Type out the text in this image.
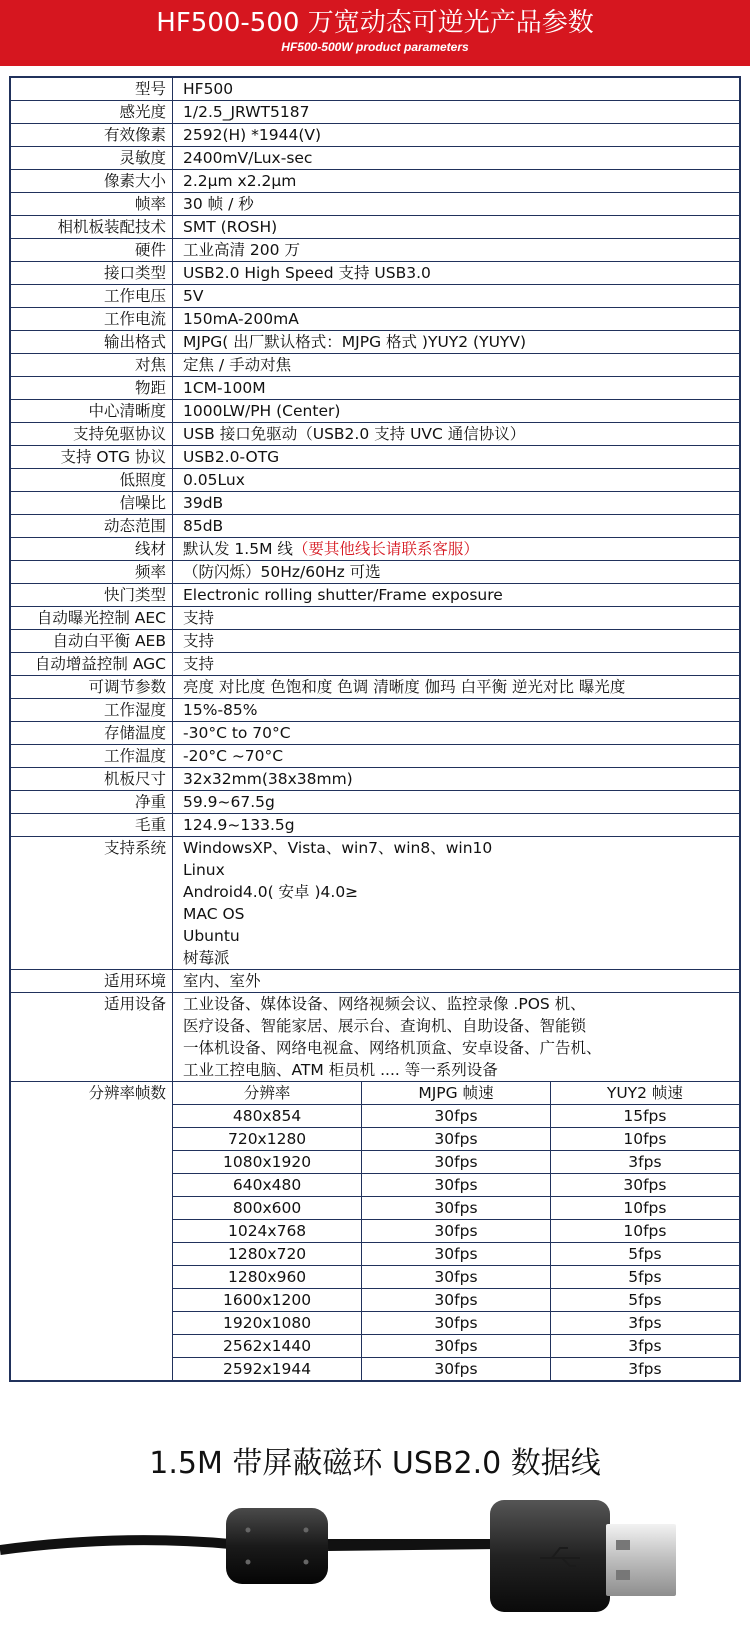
HF500-500 万宽动态可逆光产品参数
HF500-500W product parameters
型号	HF500
感光度	1/2.5_JRWT5187
有效像素	2592(H) *1944(V)
灵敏度	2400mV/Lux-sec
像素大小	2.2μm x2.2μm
帧率	30 帧 / 秒
相机板装配技术	SMT (ROSH)
硬件	工业高清 200 万
接口类型	USB2.0 High Speed 支持 USB3.0
工作电压	5V
工作电流	150mA-200mA
输出格式	MJPG( 出厂默认格式：MJPG 格式 )YUY2 (YUYV)
对焦	定焦 / 手动对焦
物距	1CM-100M
中心清晰度	1000LW/PH (Center)
支持免驱协议	USB 接口免驱动（USB2.0 支持 UVC 通信协议）
支持 OTG 协议	USB2.0-OTG
低照度	0.05Lux
信噪比	39dB
动态范围	85dB
线材	默认发 1.5M 线（要其他线长请联系客服）
频率	（防闪烁）50Hz/60Hz 可选
快门类型	Electronic rolling shutter/Frame exposure
自动曝光控制 AEC	支持
自动白平衡 AEB	支持
自动增益控制 AGC	支持
可调节参数	亮度 对比度 色饱和度 色调 清晰度 伽玛 白平衡 逆光对比 曝光度
工作湿度	15%-85%
存储温度	-30°C to 70°C
工作温度	-20°C ~70°C
机板尺寸	32x32mm(38x38mm)
净重	59.9~67.5g
毛重	124.9~133.5g
支持系统	WindowsXP、Vista、win7、win8、win10
Linux
Android4.0( 安卓 )4.0≥
MAC OS
Ubuntu
树莓派

适用环境	室内、室外
适用设备	工业设备、媒体设备、网络视频会议、监控录像 .POS 机、
医疗设备、智能家居、展示台、查询机、自助设备、智能锁
一体机设备、网络电视盒、网络机顶盒、安卓设备、广告机、
工业工控电脑、ATM 柜员机 .... 等一系列设备

分辨率帧数		分辨率	MJPG 帧速	YUY2 帧速
480x854	30fps	15fps
720x1280	30fps	10fps
1080x1920	30fps	3fps
640x480	30fps	30fps
800x600	30fps	10fps
1024x768	30fps	10fps
1280x720	30fps	5fps
1280x960	30fps	5fps
1600x1200	30fps	5fps
1920x1080	30fps	3fps
2562x1440	30fps	3fps
2592x1944	30fps	3fps
1.5M 带屏蔽磁环 USB2.0 数据线
